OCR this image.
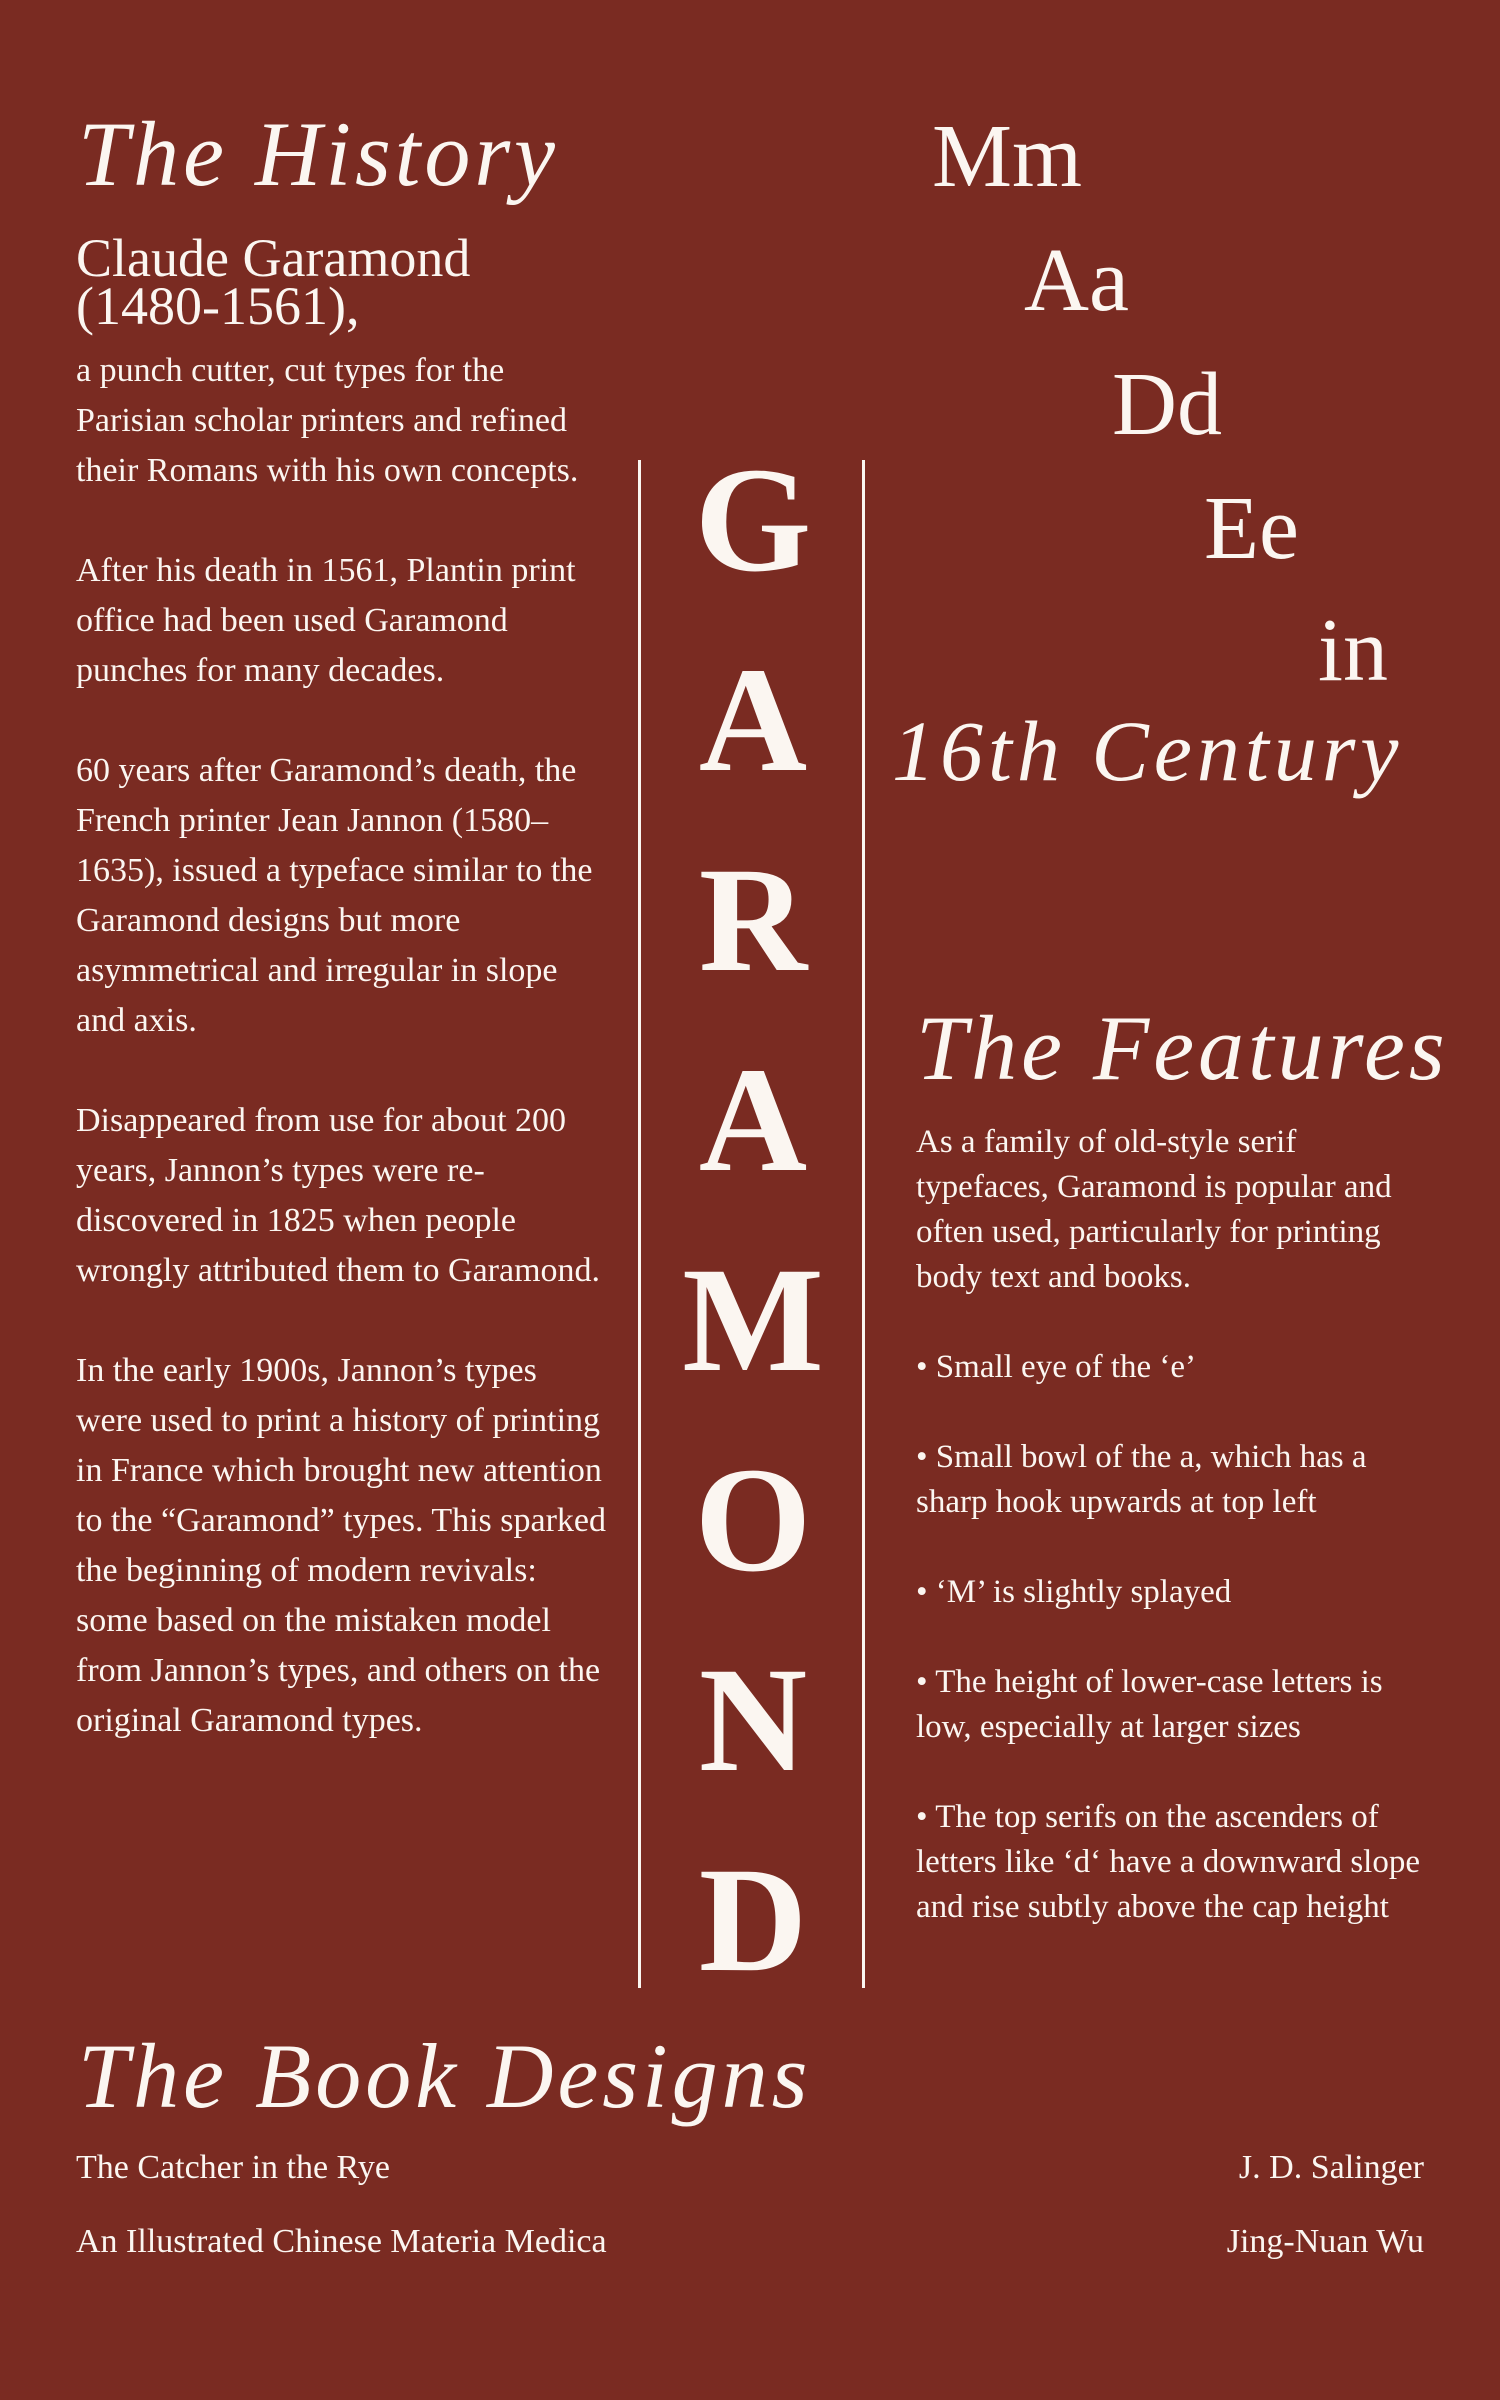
The History
Claude Garamond
(1480-1561),

a punch cutter, cut types for the Parisian scholar printers and refined their Romans with his own concepts.

After his death in 1561, Plantin print office had been used Garamond punches for many decades.

60 years after Garamond’s death, the French printer Jean Jannon (1580–1635), issued a typeface similar to the Garamond designs but more asymmetrical and irregular in slope and axis.

Disappeared from use for about 200 years, Jannon’s types were re-discovered in 1825 when people wrongly attributed them to Garamond.

In the early 1900s, Jannon’s types were used to print a history of printing in France which brought new attention to the “Garamond” types. This sparked the beginning of modern revivals: some based on the mistaken model from Jannon’s types, and others on the original Garamond types.

G
A
R
A
M
O
N
D
Mm
Aa
Dd
Ee
in
16th Century
The Features

As a family of old-style serif typefaces, Garamond is popular and often used, particularly for printing body text and books.

• Small eye of the ‘e’

• Small bowl of the a, which has a sharp hook upwards at top left

• ‘M’ is slightly splayed

• The height of lower-case letters is low, especially at larger sizes

• The top serifs on the ascenders of letters like ‘d‘ have a downward slope and rise subtly above the cap height

The Book Designs
The Catcher in the Rye	J. D. Salinger
An Illustrated Chinese Materia Medica	Jing-Nuan Wu
